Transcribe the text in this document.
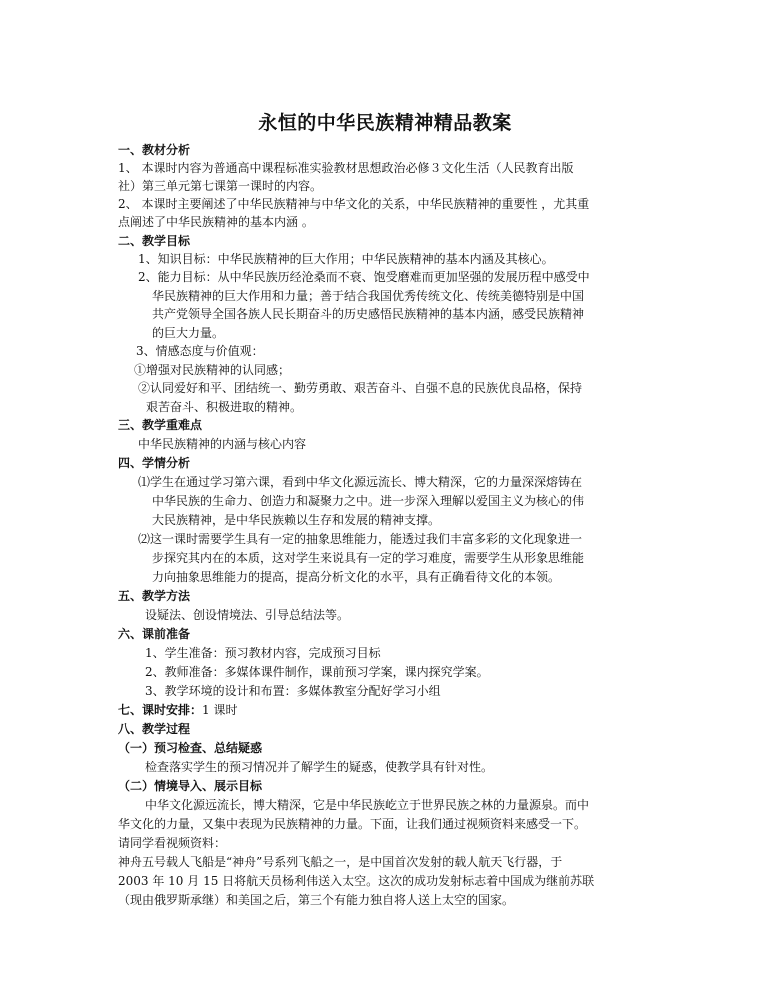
永恒的中华民族精神精品教案
一、教材分析
1、 本课时内容为普通高中课程标准实验教材思想政治必修３文化生活（人民教育出版
社）第三单元第七课第一课时的内容。
2、 本课时主要阐述了中华民族精神与中华文化的关系，中华民族精神的重要性 ，尤其重
点阐述了中华民族精神的基本内涵 。
二、教学目标
1、知识目标：中华民族精神的巨大作用；中华民族精神的基本内涵及其核心。
2、能力目标：从中华民族历经沧桑而不衰、饱受磨难而更加坚强的发展历程中感受中
华民族精神的巨大作用和力量；善于结合我国优秀传统文化、传统美德特别是中国
共产党领导全国各族人民长期奋斗的历史感悟民族精神的基本内涵，感受民族精神
的巨大力量。
3、情感态度与价值观：
①增强对民族精神的认同感；
②认同爱好和平、团结统一、勤劳勇敢、艰苦奋斗、自强不息的民族优良品格，保持
艰苦奋斗、积极进取的精神。
三、教学重难点
中华民族精神的内涵与核心内容
四、学情分析
⑴学生在通过学习第六课，看到中华文化源远流长、博大精深，它的力量深深熔铸在
中华民族的生命力、创造力和凝聚力之中。进一步深入理解以爱国主义为核心的伟
大民族精神，是中华民族赖以生存和发展的精神支撑。
⑵这一课时需要学生具有一定的抽象思维能力，能透过我们丰富多彩的文化现象进一
步探究其内在的本质，这对学生来说具有一定的学习难度，需要学生从形象思维能
力向抽象思维能力的提高，提高分析文化的水平，具有正确看待文化的本领。
五、教学方法
设疑法、创设情境法、引导总结法等。
六、课前准备
1、学生准备：预习教材内容，完成预习目标
2、教师准备：多媒体课件制作，课前预习学案，课内探究学案。
3、教学环境的设计和布置：多媒体教室分配好学习小组
七、课时安排：1 课时
八、教学过程
（一）预习检查、总结疑惑
检查落实学生的预习情况并了解学生的疑惑，使教学具有针对性。
（二）情境导入、展示目标
中华文化源远流长，博大精深，它是中华民族屹立于世界民族之林的力量源泉。而中
华文化的力量，又集中表现为民族精神的力量。下面，让我们通过视频资料来感受一下。
请同学看视频资料：
神舟五号载人飞船是“神舟”号系列飞船之一，是中国首次发射的载人航天飞行器，于
2003 年 10 月 15 日将航天员杨利伟送入太空。这次的成功发射标志着中国成为继前苏联
（现由俄罗斯承继）和美国之后，第三个有能力独自将人送上太空的国家。
